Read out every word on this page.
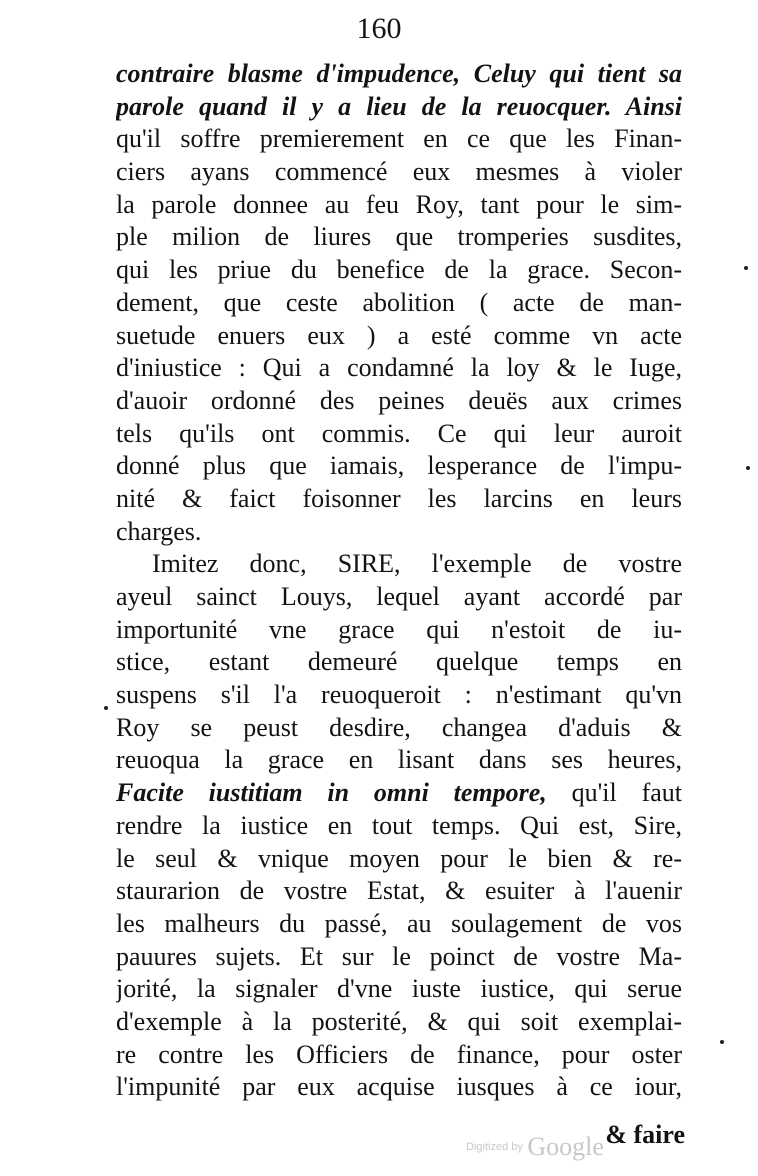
160
contraire blasme d'impudence, Celuy qui tient sa
parole quand il y a lieu de la reuocquer. Ainsi
qu'il soffre premierement en ce que les Finan-
ciers ayans commencé eux mesmes à violer
la parole donnee au feu Roy, tant pour le sim-
ple milion de liures que tromperies susdites,
qui les priue du benefice de la grace. Secon-
dement, que ceste abolition ( acte de man-
suetude enuers eux ) a esté comme vn acte
d'iniustice : Qui a condamné la loy & le Iuge,
d'auoir ordonné des peines deuës aux crimes
tels qu'ils ont commis. Ce qui leur auroit
donné plus que iamais, lesperance de l'impu-
nité & faict foisonner les larcins en leurs
charges.
Imitez donc, SIRE, l'exemple de vostre
ayeul sainct Louys, lequel ayant accordé par
importunité vne grace qui n'estoit de iu-
stice, estant demeuré quelque temps en
suspens s'il l'a reuoqueroit : n'estimant qu'vn
Roy se peust desdire, changea d'aduis &
reuoqua la grace en lisant dans ses heures,
Facite iustitiam in omni tempore, qu'il faut
rendre la iustice en tout temps. Qui est, Sire,
le seul & vnique moyen pour le bien & re-
staurarion de vostre Estat, & esuiter à l'auenir
les malheurs du passé, au soulagement de vos
pauures sujets. Et sur le poinct de vostre Ma-
jorité, la signaler d'vne iuste iustice, qui serue
d'exemple à la posterité, & qui soit exemplai-
re contre les Officiers de finance, pour oster
l'impunité par eux acquise iusques à ce iour,
& faire
Digitized by Google
